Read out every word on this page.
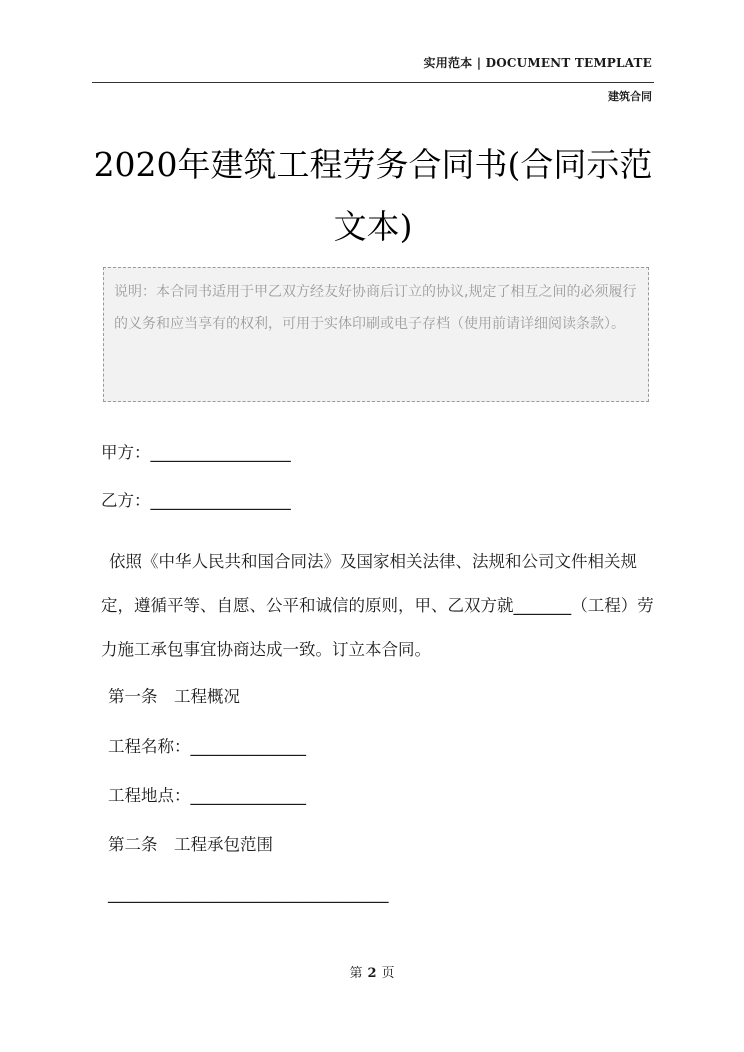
实用范本 | DOCUMENT TEMPLATE
建筑合同
2020年建筑工程劳务合同书(合同示范文本)
说明：本合同书适用于甲乙双方经友好协商后订立的协议,规定了相互之间的必须履行的义务和应当享有的权利，可用于实体印刷或电子存档（使用前请详细阅读条款）。
甲方：_________________
乙方：_________________
依照《中华人民共和国合同法》及国家相关法律、法规和公司文件相关规定，遵循平等、自愿、公平和诚信的原则，甲、乙双方就_______（工程）劳力施工承包事宜协商达成一致。订立本合同。
第一条　工程概况
工程名称：______________
工程地点：______________
第二条　工程承包范围
__________________________________
第 2 页
